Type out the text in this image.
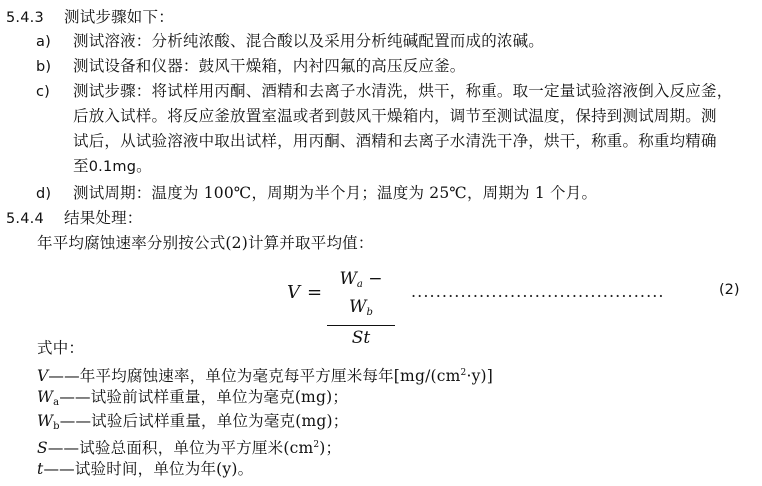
5.4.3 测试步骤如下：
a) 测试溶液：分析纯浓酸、混合酸以及采用分析纯碱配置而成的浓碱。
b) 测试设备和仪器：鼓风干燥箱，内衬四氟的高压反应釜。
c) 测试步骤：将试样用丙酮、酒精和去离子水清洗，烘干，称重。取一定量试验溶液倒入反应釜，
后放入试样。将反应釜放置室温或者到鼓风干燥箱内，调节至测试温度，保持到测试周期。测
试后，从试验溶液中取出试样，用丙酮、酒精和去离子水清洗干净，烘干，称重。称重均精确
至0.1mg。
d) 测试周期：温度为 100℃，周期为半个月；温度为 25℃，周期为 1 个月。
5.4.4 结果处理：
年平均腐蚀速率分别按公式(2)计算并取平均值：
V =
$W_a - W_b$
St
.........................................	(2)
式中：
V——年平均腐蚀速率，单位为毫克每平方厘米每年$[mg/(cm^2\cdot y)]$
$W_a——$试验前试样重量，单位为毫克(mg)；
$W_b——$试验后试样重量，单位为毫克(mg)；
S——试验总面积，单位为平方厘米$(cm^2)$；
t——试验时间，单位为年(y)。
